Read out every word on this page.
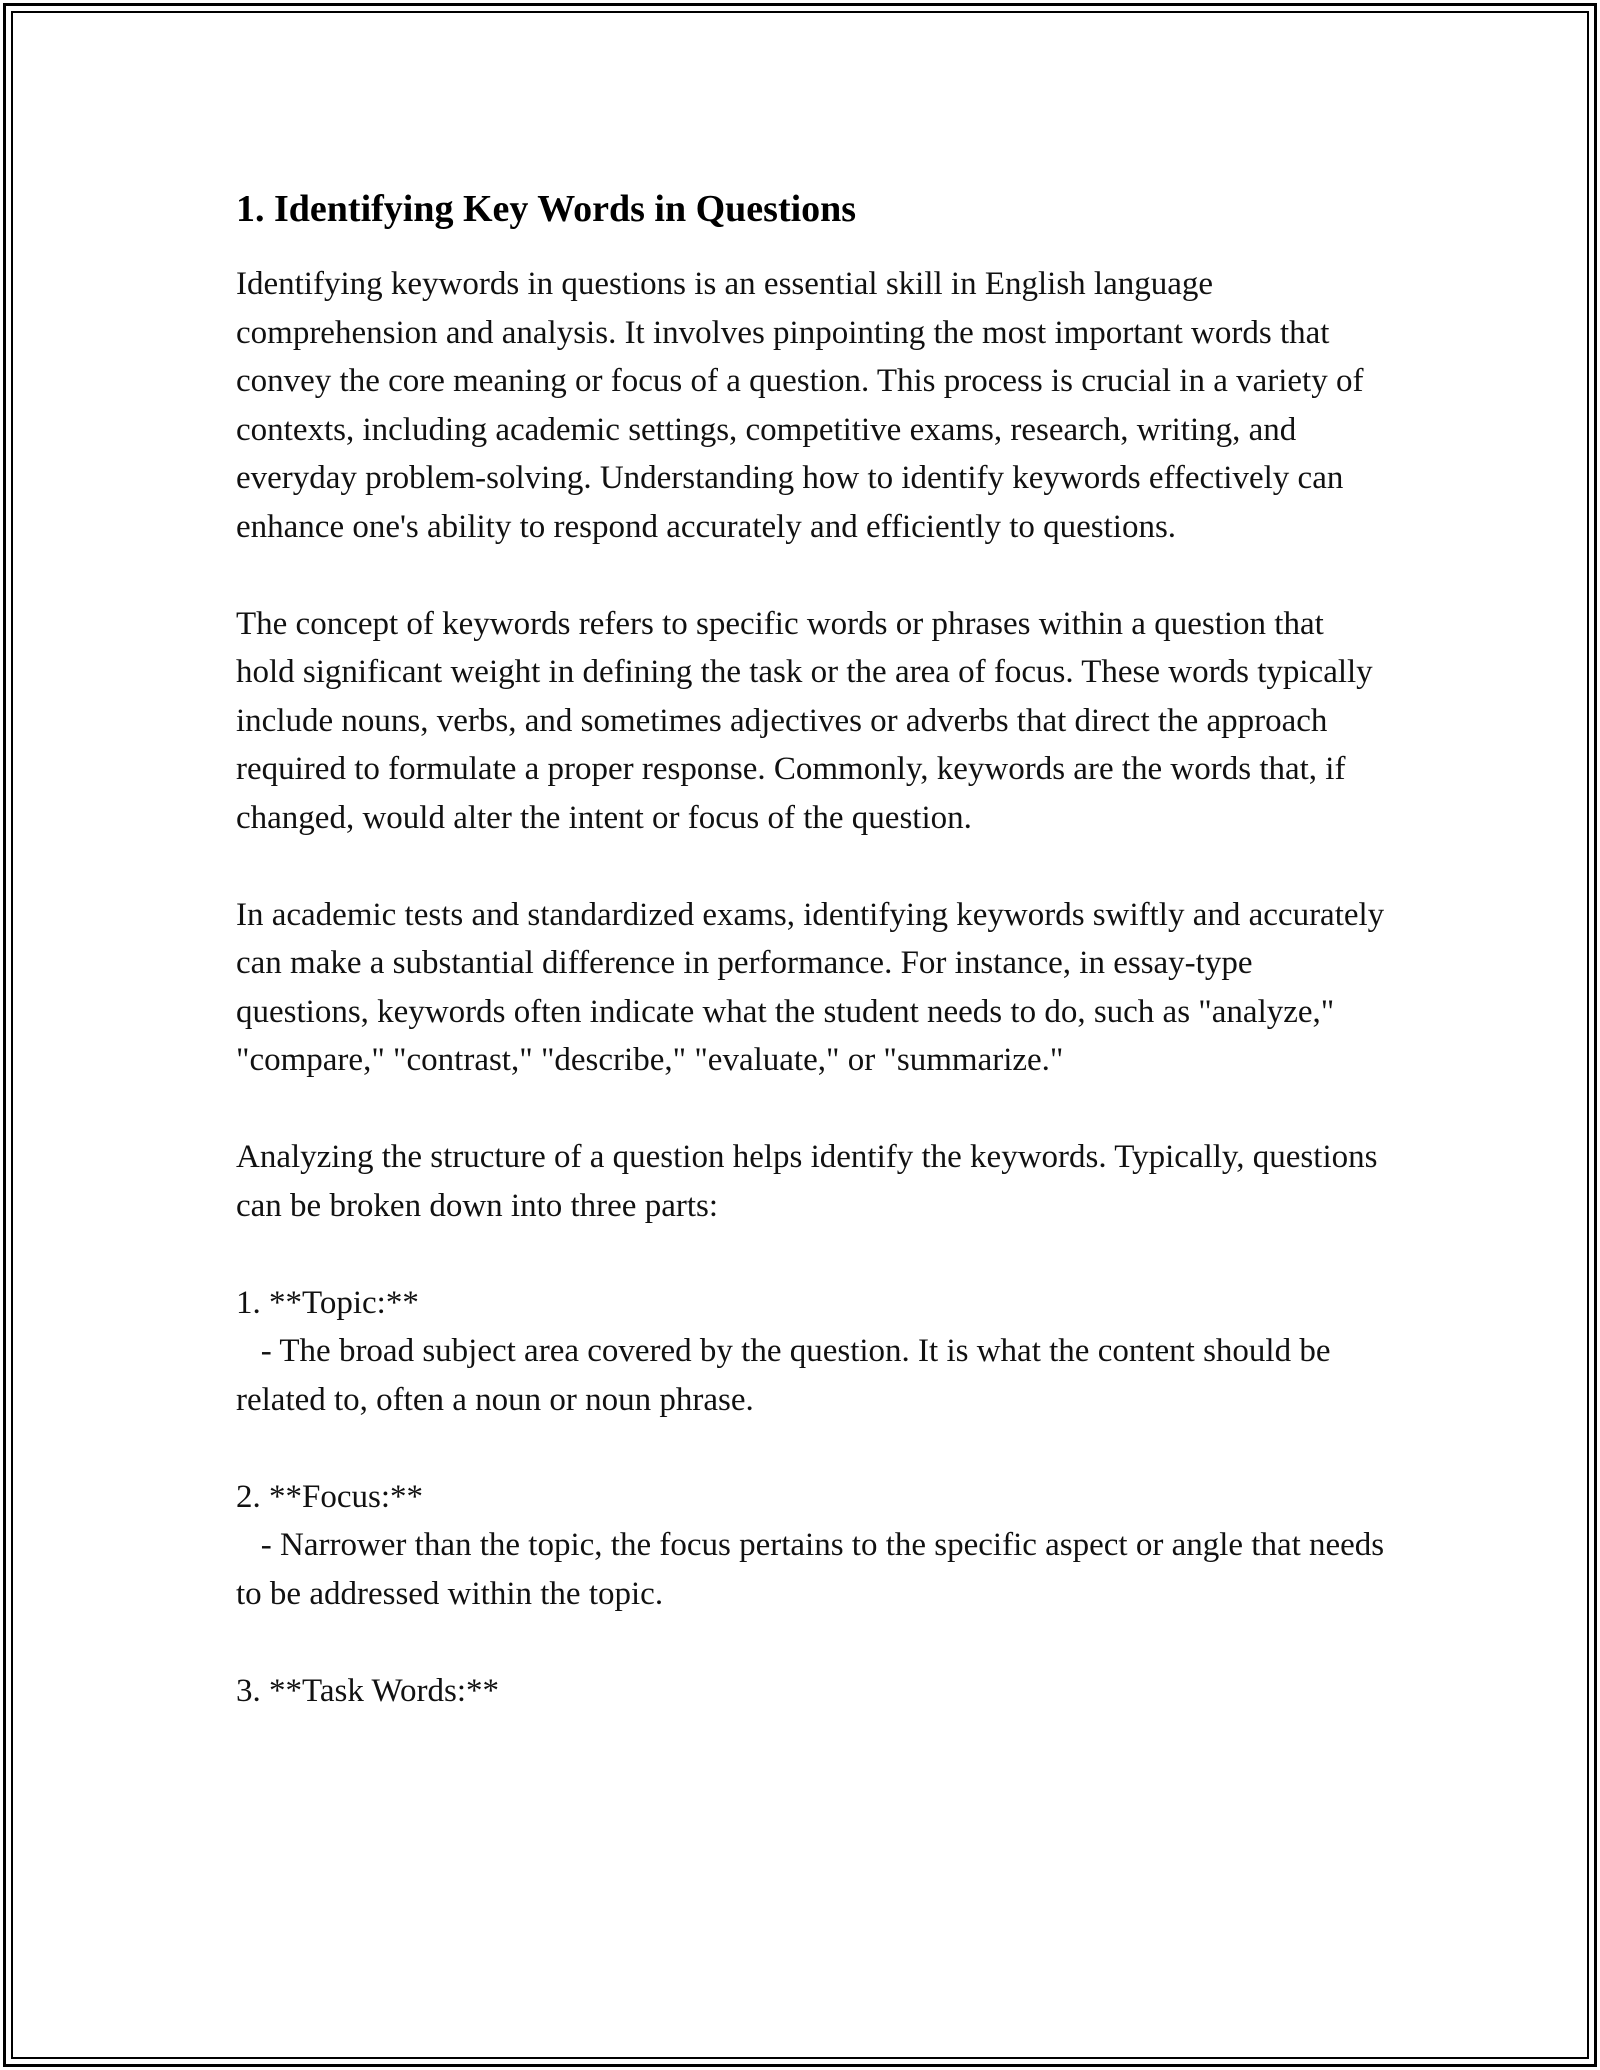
1. Identifying Key Words in Questions

Identifying keywords in questions is an essential skill in English language comprehension and analysis. It involves pinpointing the most important words that convey the core meaning or focus of a question. This process is crucial in a variety of contexts, including academic settings, competitive exams, research, writing, and everyday problem-solving. Understanding how to identify keywords effectively can enhance one's ability to respond accurately and efficiently to questions.

The concept of keywords refers to specific words or phrases within a question that hold significant weight in defining the task or the area of focus. These words typically include nouns, verbs, and sometimes adjectives or adverbs that direct the approach required to formulate a proper response. Commonly, keywords are the words that, if changed, would alter the intent or focus of the question.

In academic tests and standardized exams, identifying keywords swiftly and accurately can make a substantial difference in performance. For instance, in essay-type questions, keywords often indicate what the student needs to do, such as "analyze," "compare," "contrast," "describe," "evaluate," or "summarize."

Analyzing the structure of a question helps identify the keywords. Typically, questions can be broken down into three parts:

1. **Topic:**
- The broad subject area covered by the question. It is what the content should be related to, often a noun or noun phrase.
2. **Focus:**
- Narrower than the topic, the focus pertains to the specific aspect or angle that needs to be addressed within the topic.
3. **Task Words:**
